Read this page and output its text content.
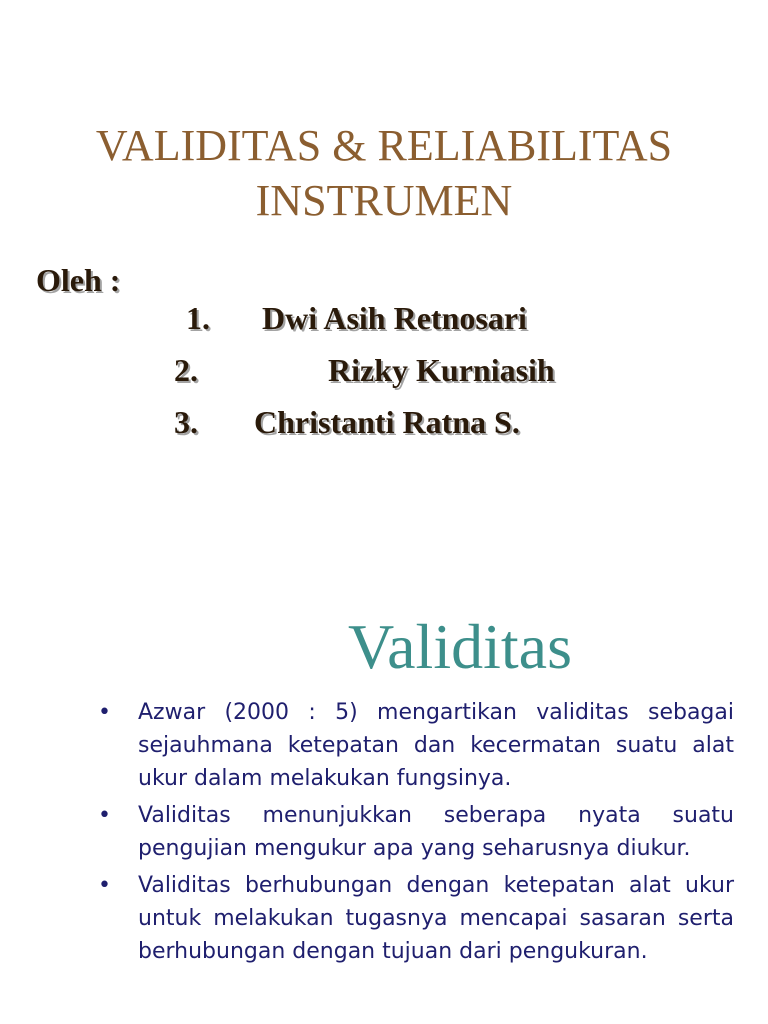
VALIDITAS & RELIABILITAS
INSTRUMEN
Oleh :
1. Dwi Asih Retnosari
2.	Rizky Kurniasih
3. Christanti Ratna S.
Validitas
• Azwar (2000 : 5) mengartikan validitas sebagai sejauhmana ketepatan dan kecermatan suatu alat ukur dalam melakukan fungsinya.
• Validitas menunjukkan seberapa nyata suatu pengujian mengukur apa yang seharusnya diukur.
• Validitas berhubungan dengan ketepatan alat ukur untuk melakukan tugasnya mencapai sasaran serta berhubungan dengan tujuan dari pengukuran.
